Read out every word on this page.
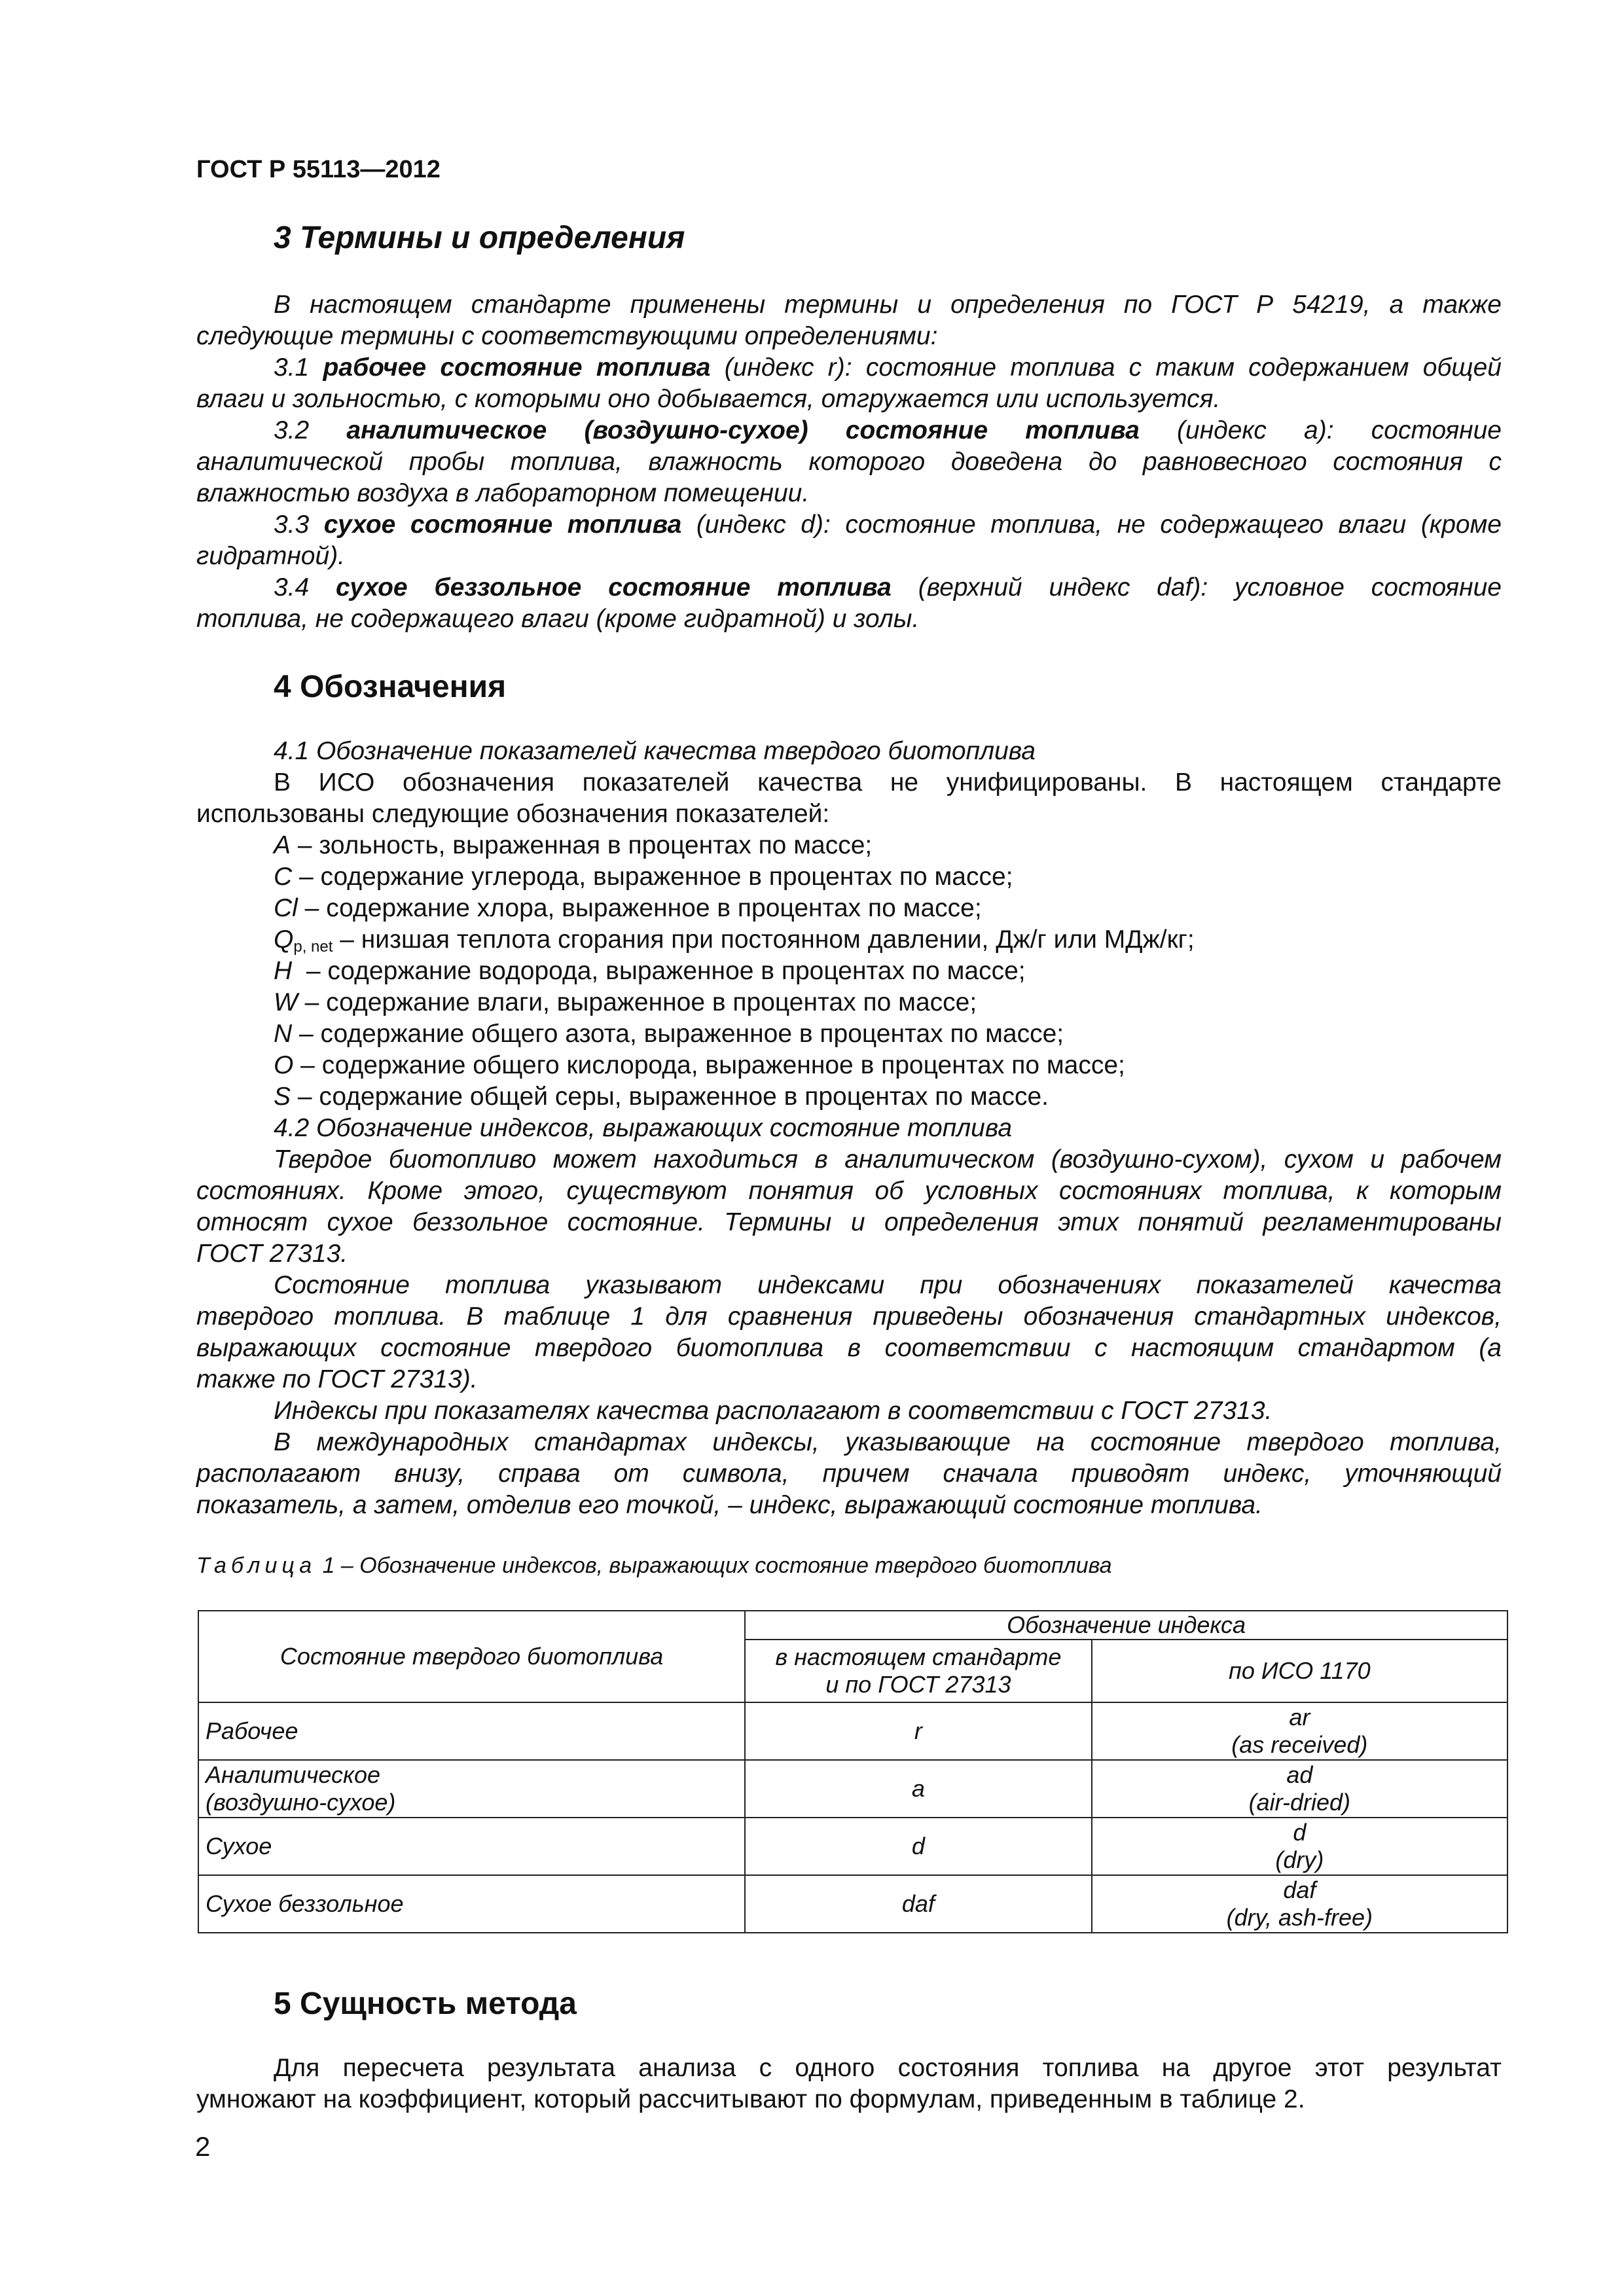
ГОСТ Р 55113—2012
3 Термины и определения
В настоящем стандарте применены термины и определения по ГОСТ Р 54219, а также
следующие термины с соответствующими определениями:
3.1 рабочее состояние топлива (индекс r): состояние топлива с таким содержанием общей
влаги и зольностью, с которыми оно добывается, отгружается или используется.
3.2 аналитическое (воздушно-сухое) состояние топлива (индекс a): состояние
аналитической пробы топлива, влажность которого доведена до равновесного состояния с
влажностью воздуха в лабораторном помещении.
3.3 сухое состояние топлива (индекс d): состояние топлива, не содержащего влаги (кроме
гидратной).
3.4 сухое беззольное состояние топлива (верхний индекс daf): условное состояние
топлива, не содержащего влаги (кроме гидратной) и золы.
4 Обозначения
4.1 Обозначение показателей качества твердого биотоплива
В ИСО обозначения показателей качества не унифицированы. В настоящем стандарте
использованы следующие обозначения показателей:
A – зольность, выраженная в процентах по массе;
C – содержание углерода, выраженное в процентах по массе;
Cl – содержание хлора, выраженное в процентах по массе;
$Q_{p, net}$ – низшая теплота сгорания при постоянном давлении, Дж/г или МДж/кг;
H  – содержание водорода, выраженное в процентах по массе;
W – содержание влаги, выраженное в процентах по массе;
N – содержание общего азота, выраженное в процентах по массе;
O – содержание общего кислорода, выраженное в процентах по массе;
S – содержание общей серы, выраженное в процентах по массе.
4.2 Обозначение индексов, выражающих состояние топлива
Твердое биотопливо может находиться в аналитическом (воздушно-сухом), сухом и рабочем
состояниях. Кроме этого, существуют понятия об условных состояниях топлива, к которым
относят сухое беззольное состояние. Термины и определения этих понятий регламентированы
ГОСТ 27313.
Состояние топлива указывают индексами при обозначениях показателей качества
твердого топлива. В таблице 1 для сравнения приведены обозначения стандартных индексов,
выражающих состояние твердого биотоплива в соответствии с настоящим стандартом (а
также по ГОСТ 27313).
Индексы при показателях качества располагают в соответствии с ГОСТ 27313.
В международных стандартах индексы, указывающие на состояние твердого топлива,
располагают внизу, справа от символа, причем сначала приводят индекс, уточняющий
показатель, а затем, отделив его точкой, – индекс, выражающий состояние топлива.
Таблица 1 – Обозначение индексов, выражающих состояние твердого биотоплива
Состояние твердого биотоплива	Обозначение индекса	
	в настоящем стандарте
и по ГОСТ 27313	по ИСО 1170
Рабочее	r	ar
(as received)
Аналитическое
(воздушно-сухое)	a	ad
(air-dried)
Сухое	d	d
(dry)
Сухое беззольное	daf	daf
(dry, ash-free)
5 Сущность метода
Для пересчета результата анализа с одного состояния топлива на другое этот результат
умножают на коэффициент, который рассчитывают по формулам, приведенным в таблице 2.
2
